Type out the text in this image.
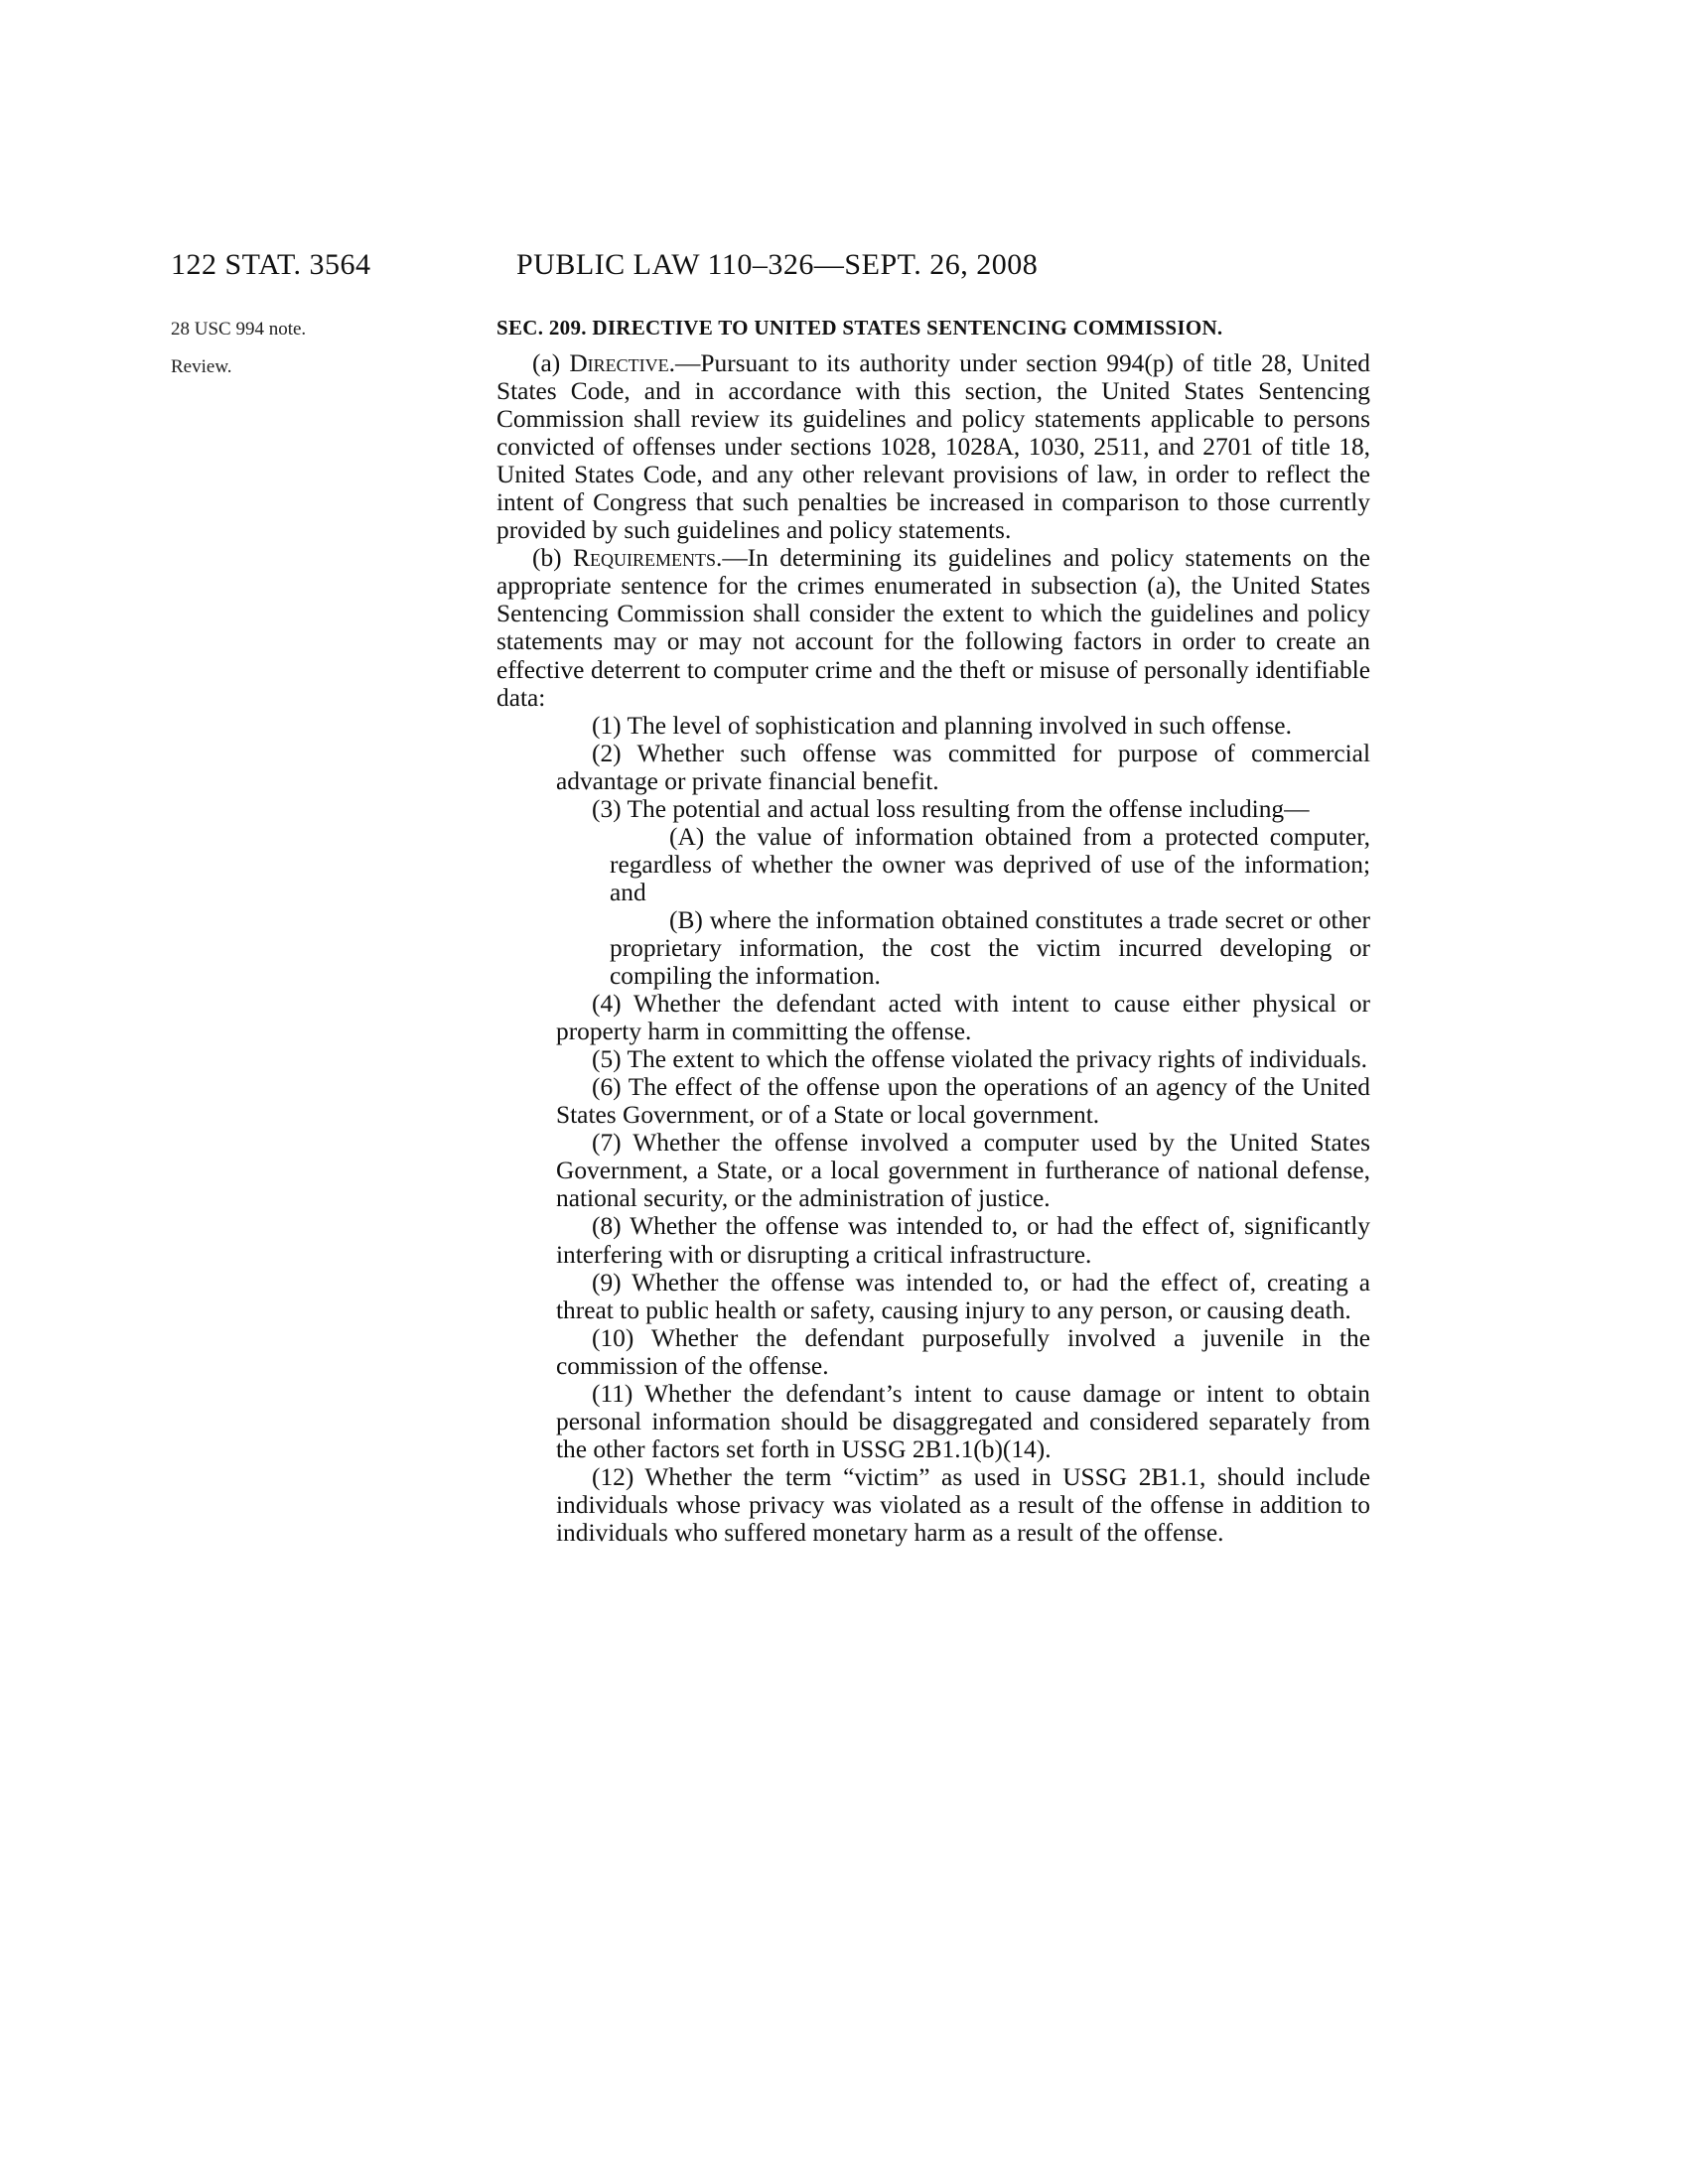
122 STAT. 3564	PUBLIC LAW 110–326—SEPT. 26, 2008
28 USC 994 note.
Review.
SEC. 209. DIRECTIVE TO UNITED STATES SENTENCING COMMISSION.

(a) Directive.—Pursuant to its authority under section 994(p) of title 28, United States Code, and in accordance with this section, the United States Sentencing Commission shall review its guidelines and policy statements applicable to persons convicted of offenses under sections 1028, 1028A, 1030, 2511, and 2701 of title 18, United States Code, and any other relevant provisions of law, in order to reflect the intent of Congress that such penalties be increased in comparison to those currently provided by such guidelines and policy statements.

(b) Requirements.—In determining its guidelines and policy statements on the appropriate sentence for the crimes enumerated in subsection (a), the United States Sentencing Commission shall consider the extent to which the guidelines and policy statements may or may not account for the following factors in order to create an effective deterrent to computer crime and the theft or misuse of personally identifiable data:

(1) The level of sophistication and planning involved in such offense.

(2) Whether such offense was committed for purpose of commercial advantage or private financial benefit.

(3) The potential and actual loss resulting from the offense including—

(A) the value of information obtained from a protected computer, regardless of whether the owner was deprived of use of the information; and

(B) where the information obtained constitutes a trade secret or other proprietary information, the cost the victim incurred developing or compiling the information.

(4) Whether the defendant acted with intent to cause either physical or property harm in committing the offense.

(5) The extent to which the offense violated the privacy rights of individuals.

(6) The effect of the offense upon the operations of an agency of the United States Government, or of a State or local government.

(7) Whether the offense involved a computer used by the United States Government, a State, or a local government in furtherance of national defense, national security, or the administration of justice.

(8) Whether the offense was intended to, or had the effect of, significantly interfering with or disrupting a critical infrastructure.

(9) Whether the offense was intended to, or had the effect of, creating a threat to public health or safety, causing injury to any person, or causing death.

(10) Whether the defendant purposefully involved a juvenile in the commission of the offense.

(11) Whether the defendant’s intent to cause damage or intent to obtain personal information should be disaggregated and considered separately from the other factors set forth in USSG 2B1.1(b)(14).

(12) Whether the term “victim” as used in USSG 2B1.1, should include individuals whose privacy was violated as a result of the offense in addition to individuals who suffered monetary harm as a result of the offense.
